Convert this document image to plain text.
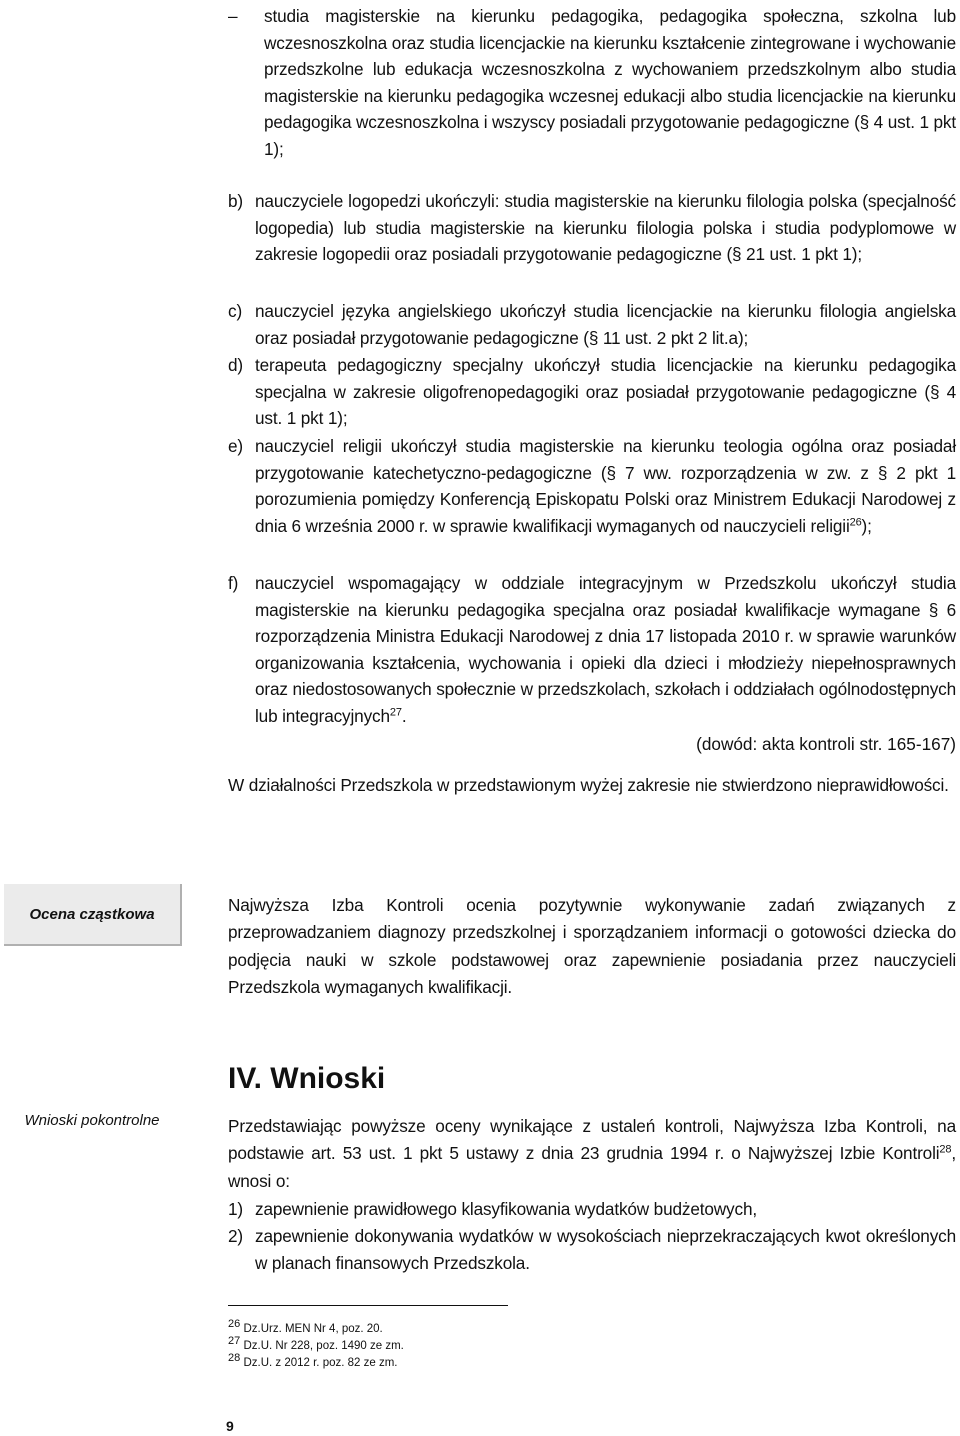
– studia magisterskie na kierunku pedagogika, pedagogika społeczna, szkolna lub wczesnoszkolna oraz studia licencjackie na kierunku kształcenie zintegrowane i wychowanie przedszkolne lub edukacja wczesnoszkolna z wychowaniem przedszkolnym albo studia magisterskie na kierunku pedagogika wczesnej edukacji albo studia licencjackie na kierunku pedagogika wczesnoszkolna i wszyscy posiadali przygotowanie pedagogiczne (§ 4 ust. 1 pkt 1);
b) nauczyciele logopedzi ukończyli: studia magisterskie na kierunku filologia polska (specjalność logopedia) lub studia magisterskie na kierunku filologia polska i studia podyplomowe w zakresie logopedii oraz posiadali przygotowanie pedagogiczne (§ 21 ust. 1 pkt 1);
c) nauczyciel języka angielskiego ukończył studia licencjackie na kierunku filologia angielska oraz posiadał przygotowanie pedagogiczne (§ 11 ust. 2 pkt 2 lit.a);
d) terapeuta pedagogiczny specjalny ukończył studia licencjackie na kierunku pedagogika specjalna w zakresie oligofrenopedagogiki oraz posiadał przygotowanie pedagogiczne (§ 4 ust. 1 pkt 1);
e) nauczyciel religii ukończył studia magisterskie na kierunku teologia ogólna oraz posiadał przygotowanie katechetyczno-pedagogiczne (§ 7 ww. rozporządzenia w zw. z § 2 pkt 1 porozumienia pomiędzy Konferencją Episkopatu Polski oraz Ministrem Edukacji Narodowej z dnia 6 września 2000 r. w sprawie kwalifikacji wymaganych od nauczycieli religii$^{26}$);
f) nauczyciel wspomagający w oddziale integracyjnym w Przedszkolu ukończył studia magisterskie na kierunku pedagogika specjalna oraz posiadał kwalifikacje wymagane § 6 rozporządzenia Ministra Edukacji Narodowej z dnia 17 listopada 2010 r. w sprawie warunków organizowania kształcenia, wychowania i opieki dla dzieci i młodzieży niepełnosprawnych oraz niedostosowanych społecznie w przedszkolach, szkołach i oddziałach ogólnodostępnych lub integracyjnych$^{27}$.
(dowód: akta kontroli str. 165-167)
W działalności Przedszkola w przedstawionym wyżej zakresie nie stwierdzono nieprawidłowości.
Ocena cząstkowa	Najwyższa Izba Kontroli ocenia pozytywnie wykonywanie zadań związanych z przeprowadzaniem diagnozy przedszkolnej i sporządzaniem informacji o gotowości dziecka do podjęcia nauki w szkole podstawowej oraz zapewnienie posiadania przez nauczycieli Przedszkola wymaganych kwalifikacji.
IV. Wnioski
Wnioski pokontrolne	Przedstawiając powyższe oceny wynikające z ustaleń kontroli, Najwyższa Izba Kontroli, na podstawie art. 53 ust. 1 pkt 5 ustawy z dnia 23 grudnia 1994 r. o Najwyższej Izbie Kontroli$^{28}$, wnosi o:
1) zapewnienie prawidłowego klasyfikowania wydatków budżetowych,
2) zapewnienie dokonywania wydatków w wysokościach nieprzekraczających kwot określonych w planach finansowych Przedszkola.
$^{26}$ Dz.Urz. MEN Nr 4, poz. 20.
$^{27}$ Dz.U. Nr 228, poz. 1490 ze zm.
$^{28}$ Dz.U. z 2012 r. poz. 82 ze zm.
9
